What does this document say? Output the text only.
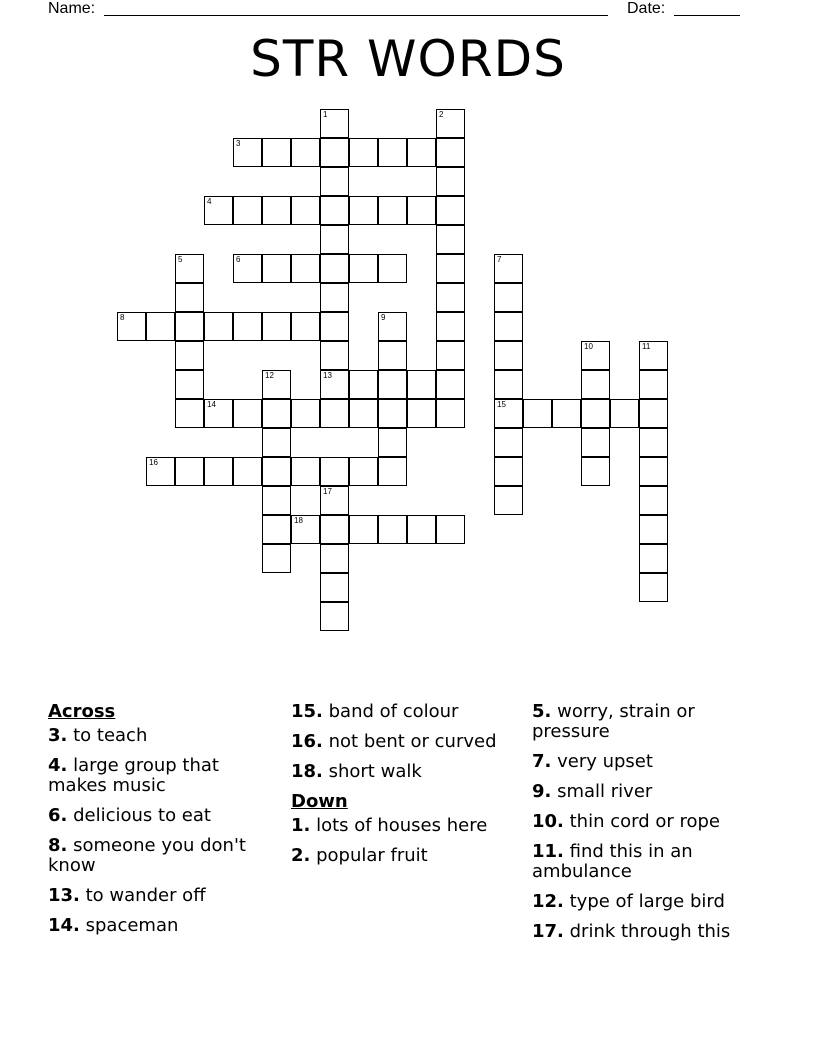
Name:	Date:
STR WORDS
1	2
3
4
5	6
8	9
12	13
14
16
18
17
7
15
10	11
Across
3. to teach
4. large group that makes music
6. delicious to eat
8. someone you don't know
13. to wander off
14. spaceman
15. band of colour
16. not bent or curved
18. short walk
Down
1. lots of houses here
2. popular fruit
5. worry, strain or pressure
7. very upset
9. small river
10. thin cord or rope
11. find this in an ambulance
12. type of large bird
17. drink through this
